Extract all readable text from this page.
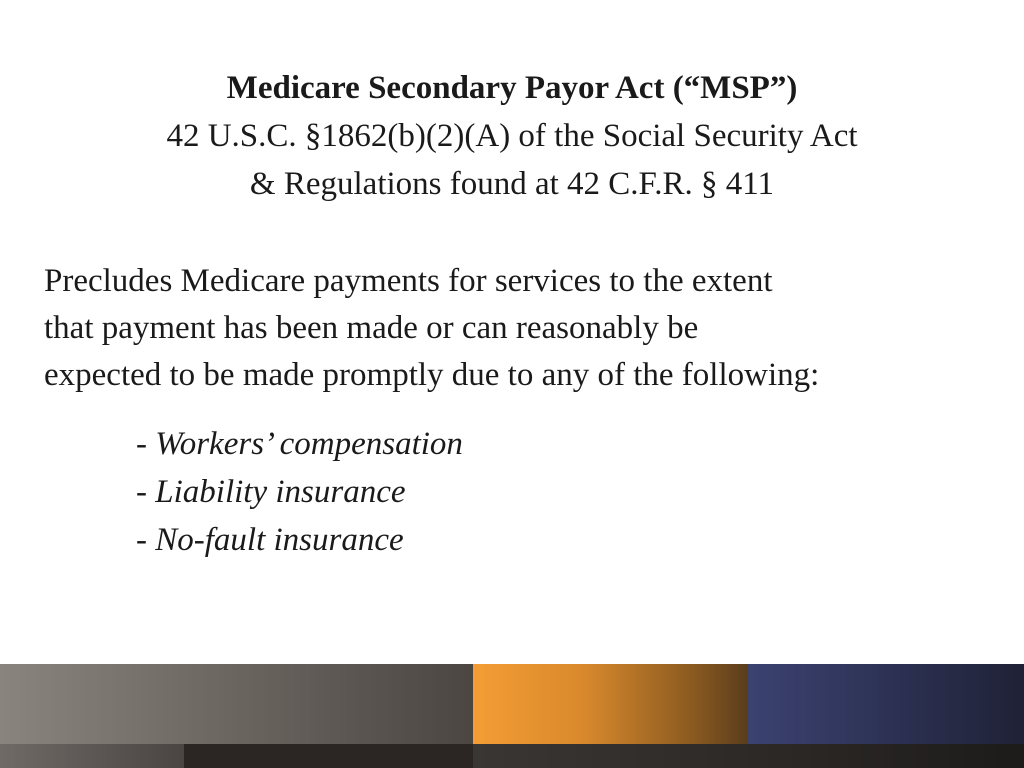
Medicare Secondary Payor Act (“MSP”)
42 U.S.C. §1862(b)(2)(A) of the Social Security Act
& Regulations found at 42 C.F.R. § 411

Precludes Medicare payments for services to the extent

that payment has been made or can reasonably be

expected to be made promptly due to any of the following:

- Workers’ compensation
- Liability insurance
- No-fault insurance
